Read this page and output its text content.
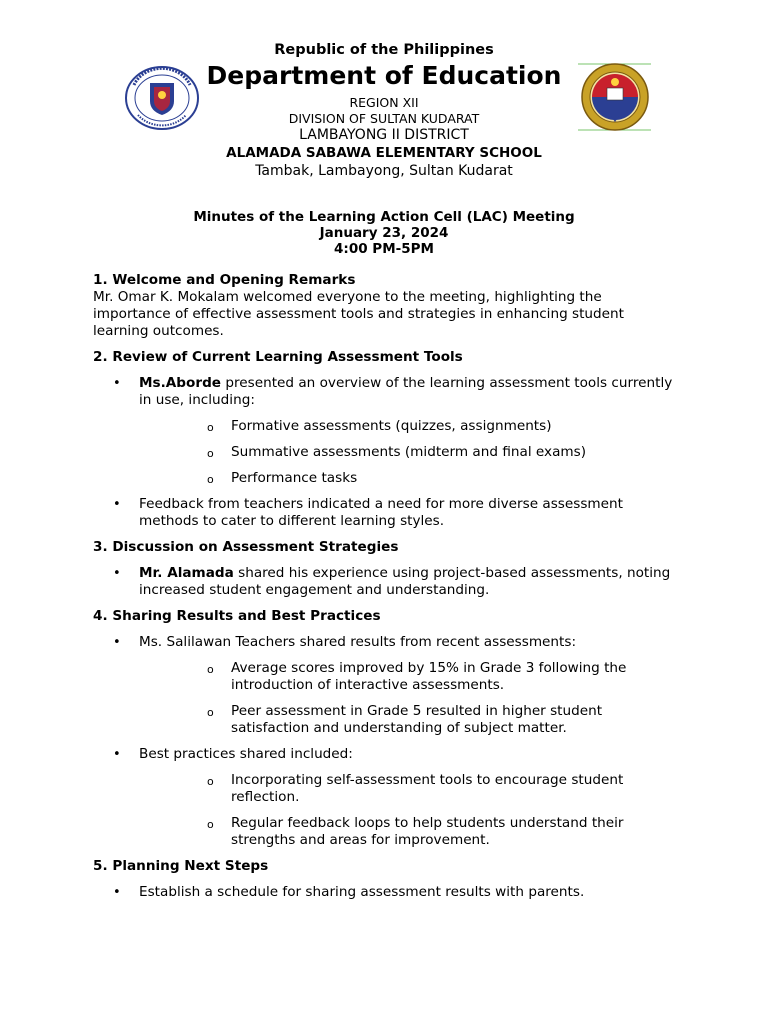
Republic of the Philippines
Department of Education
REGION XII
DIVISION OF SULTAN KUDARAT
LAMBAYONG II DISTRICT
ALAMADA SABAWA ELEMENTARY SCHOOL
Tambak, Lambayong, Sultan Kudarat
Minutes of the Learning Action Cell (LAC) Meeting
January 23, 2024
4:00 PM-5PM
1. Welcome and Opening Remarks
Mr. Omar K. Mokalam welcomed everyone to the meeting, highlighting the importance of effective assessment tools and strategies in enhancing student learning outcomes.
2. Review of Current Learning Assessment Tools
• Ms.Aborde presented an overview of the learning assessment tools currently in use, including:
o Formative assessments (quizzes, assignments)
o Summative assessments (midterm and final exams)
o Performance tasks
• Feedback from teachers indicated a need for more diverse assessment methods to cater to different learning styles.
3. Discussion on Assessment Strategies
• Mr. Alamada shared his experience using project-based assessments, noting increased student engagement and understanding.
4. Sharing Results and Best Practices
• Ms. Salilawan Teachers shared results from recent assessments:
o Average scores improved by 15% in Grade 3 following the introduction of interactive assessments.
o Peer assessment in Grade 5 resulted in higher student satisfaction and understanding of subject matter.
• Best practices shared included:
o Incorporating self-assessment tools to encourage student reflection.
o Regular feedback loops to help students understand their strengths and areas for improvement.
5. Planning Next Steps
• Establish a schedule for sharing assessment results with parents.
